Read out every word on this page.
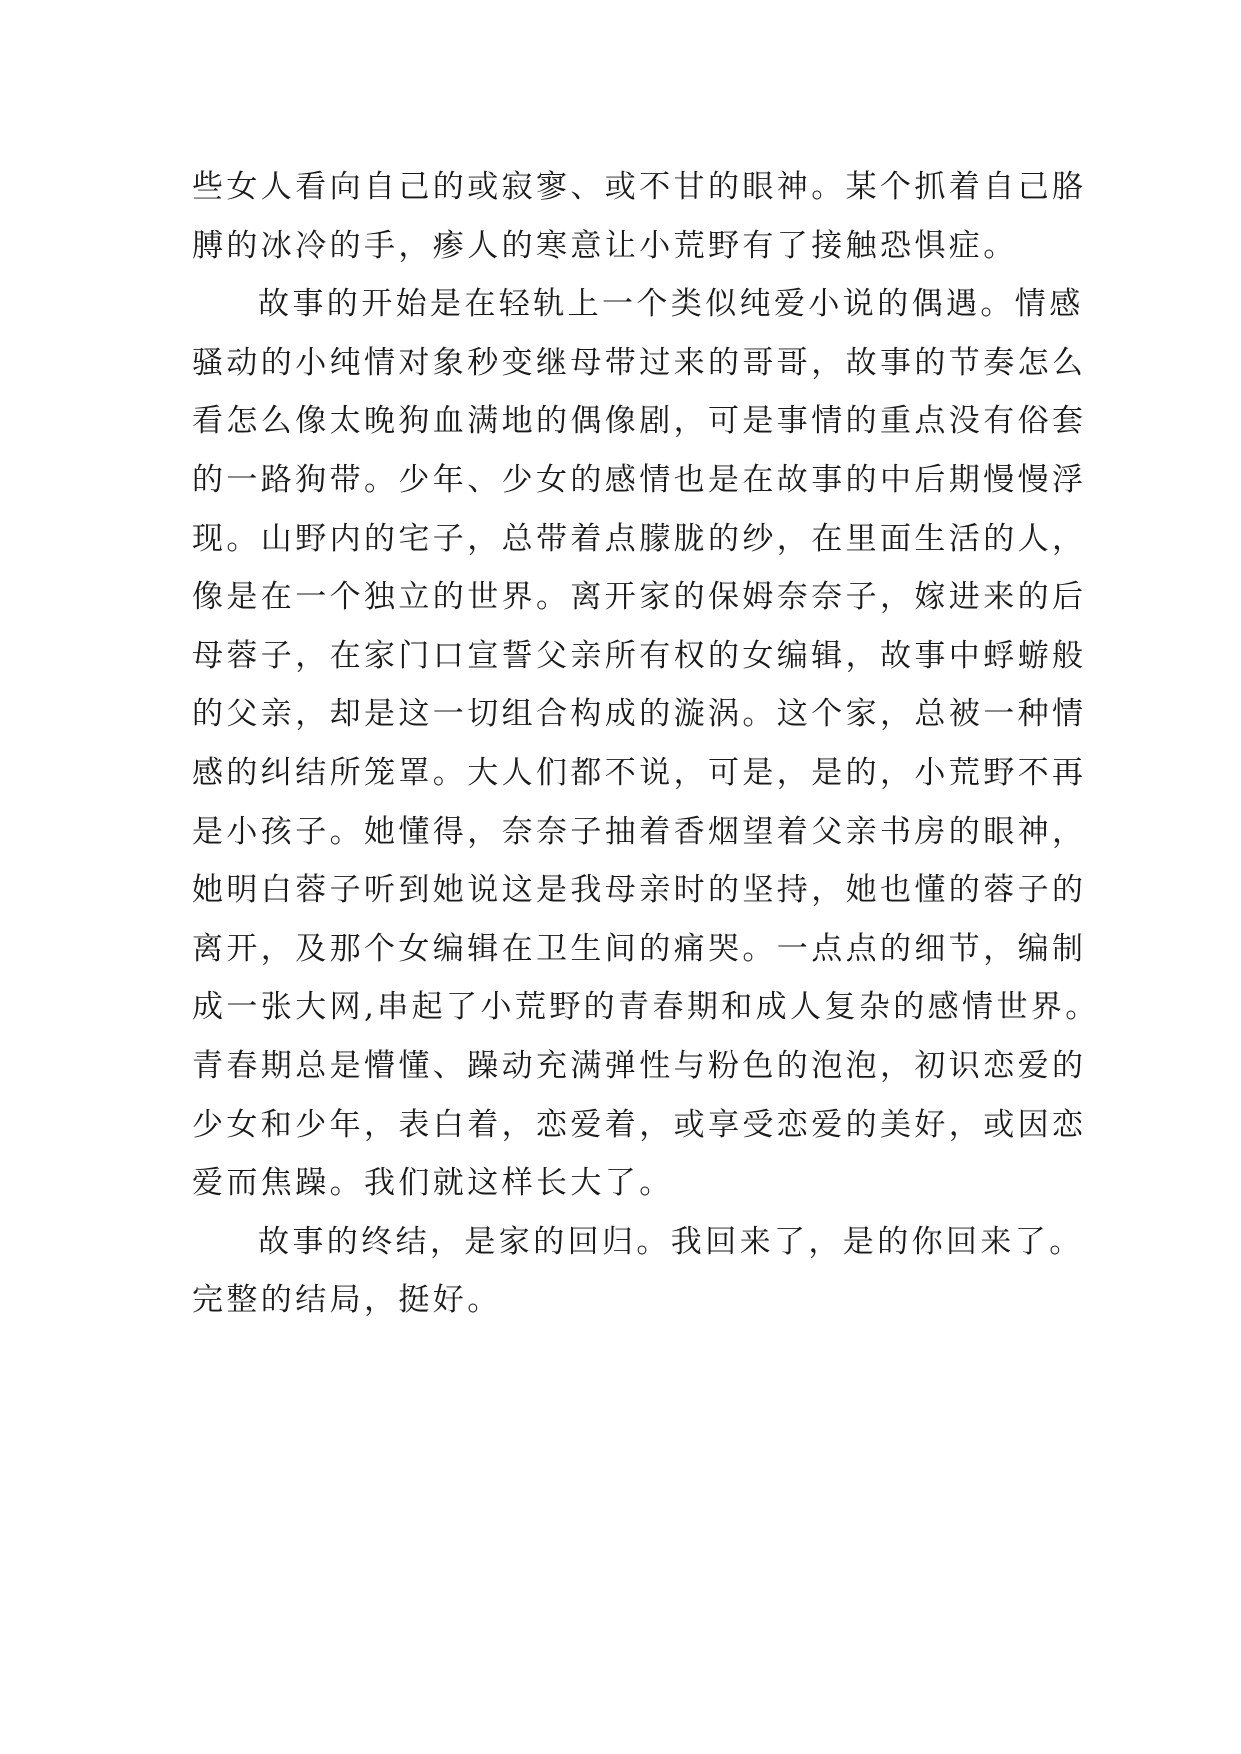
些女人看向自己的或寂寥、或不甘的眼神。某个抓着自己胳
膊的冰冷的手，瘆人的寒意让小荒野有了接触恐惧症。
故事的开始是在轻轨上一个类似纯爱小说的偶遇。情感
骚动的小纯情对象秒变继母带过来的哥哥，故事的节奏怎么
看怎么像太晚狗血满地的偶像剧，可是事情的重点没有俗套
的一路狗带。少年、少女的感情也是在故事的中后期慢慢浮
现。山野内的宅子，总带着点朦胧的纱，在里面生活的人，
像是在一个独立的世界。离开家的保姆奈奈子，嫁进来的后
母蓉子，在家门口宣誓父亲所有权的女编辑，故事中蜉蝣般
的父亲，却是这一切组合构成的漩涡。这个家，总被一种情
感的纠结所笼罩。大人们都不说，可是，是的，小荒野不再
是小孩子。她懂得，奈奈子抽着香烟望着父亲书房的眼神，
她明白蓉子听到她说这是我母亲时的坚持，她也懂的蓉子的
离开，及那个女编辑在卫生间的痛哭。一点点的细节，编制
成一张大网,串起了小荒野的青春期和成人复杂的感情世界。
青春期总是懵懂、躁动充满弹性与粉色的泡泡，初识恋爱的
少女和少年，表白着，恋爱着，或享受恋爱的美好，或因恋
爱而焦躁。我们就这样长大了。
故事的终结，是家的回归。我回来了，是的你回来了。
完整的结局，挺好。
